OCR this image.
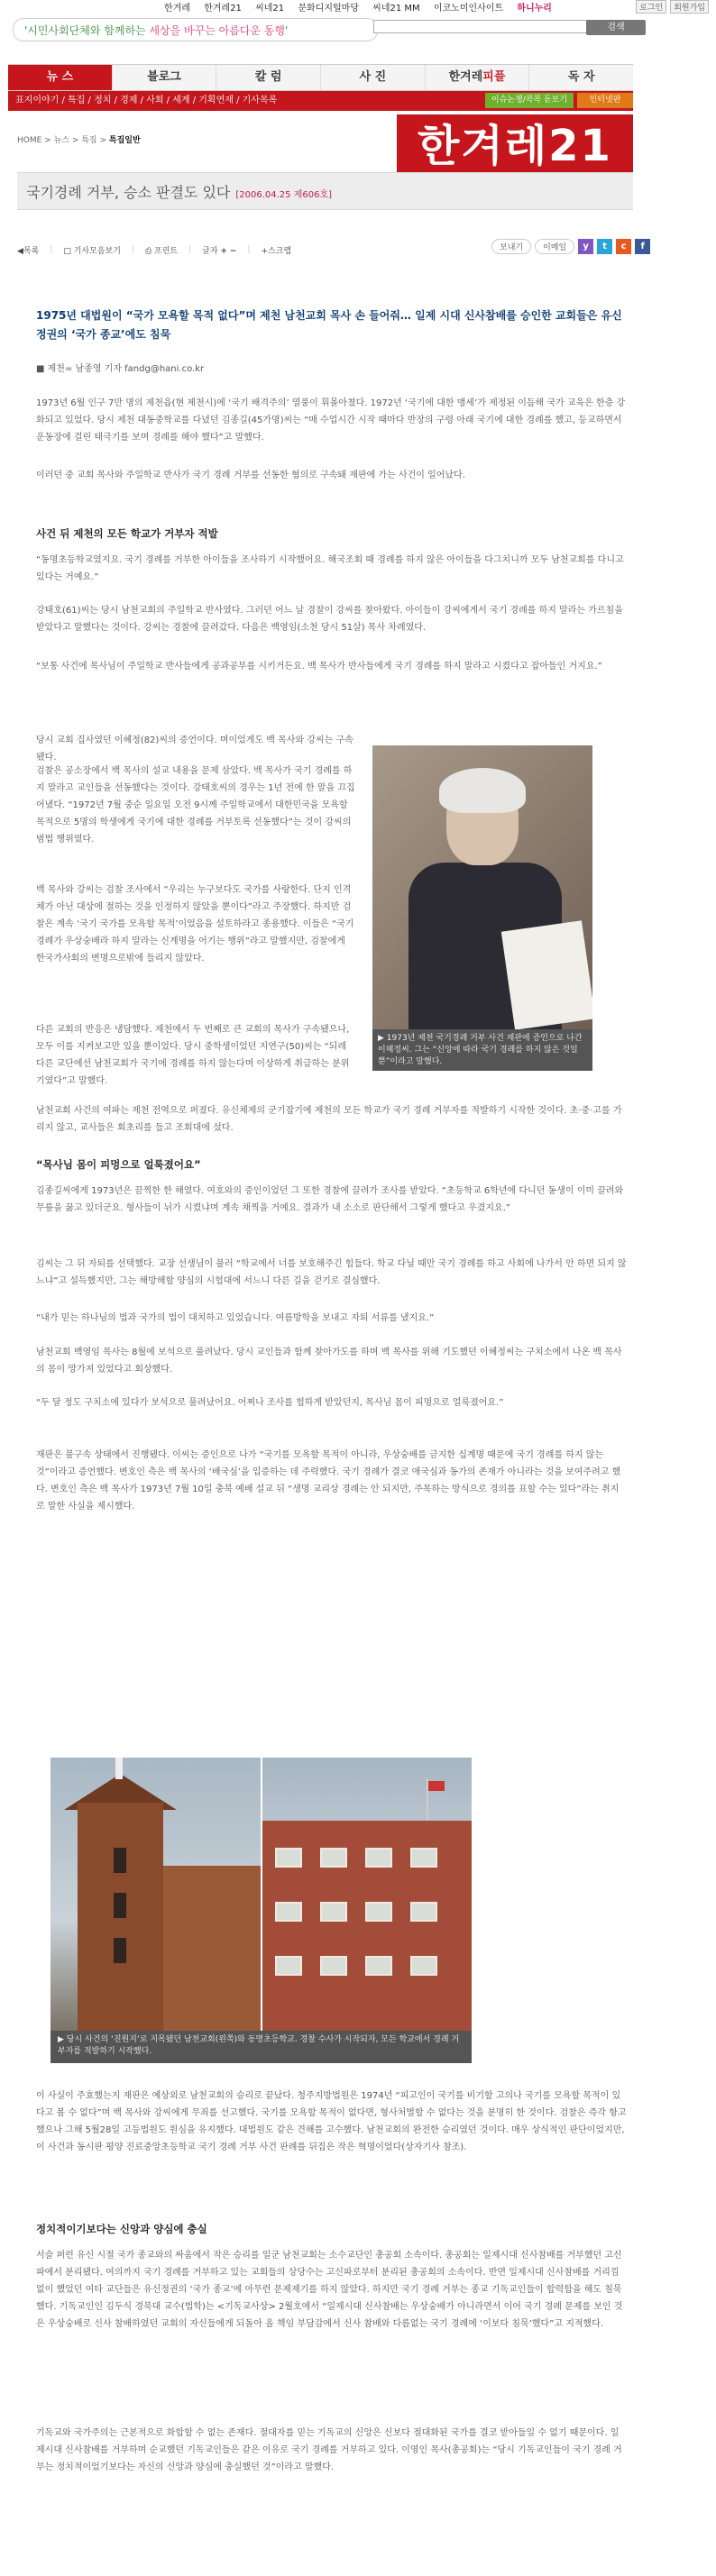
한겨레 한겨레21 씨네21 문화디지털마당 씨네21 MM 이코노미인사이트 하니누리	로그인	회원가입
'시민사회단체와 함께하는 세상을 바꾸는 아름다운 동행'	검색
뉴 스	블로그	칼 럼	사 진	한겨레피플	독 자
표지이야기 / 특집 / 정치 / 경제 / 사회 / 세계 / 기획연재 / 기사목록	이슈논쟁/콕콕 돋보기	인터넷판
HOME > 뉴스 > 특집 > 특집일반	한겨레21
국기경례 거부, 승소 판결도 있다 [2006.04.25 제606호]
◀목록 | □ 기사모음보기 | ⎙ 프린트 | 글자 + − | +스크랩	보내기	이메일	y	t	c	f
1975년 대법원이 “국가 모욕할 목적 없다”며 제천 남천교회 목사 손 들어줘… 일제 시대 신사참배를 승인한 교회들은 유신정권의 ‘국가 종교’에도 침묵
■ 제천= 남종영 기자 fandg@hani.co.kr
1973년 6월 인구 7만 명의 제천읍(현 제천시)에 ‘국기 배격주의’ 열풍이 휘몰아쳤다. 1972년 ‘국기에 대한 맹세’가 제정된 이듬해 국가 교육은 한층 강화되고 있었다. 당시 제천 대동중학교를 다녔던 김종길(45가명)씨는 “매 수업시간 시작 때마다 반장의 구령 아래 국기에 대한 경례를 했고, 등교하면서 운동장에 걸린 태극기를 보며 경례를 해야 했다”고 말했다.
이러던 중 교회 목사와 주일학교 반사가 국기 경례 거부를 선동한 혐의로 구속돼 재판에 가는 사건이 일어났다.
사건 뒤 제천의 모든 학교가 거부자 적발
“동명초등학교였지요. 국기 경례를 거부한 아이들을 조사하기 시작했어요. 해국조회 때 경례를 하지 않은 아이들을 다그치니까 모두 남천교회를 다니고 있다는 거예요.”
강태호(61)씨는 당시 남천교회의 주일학교 반사였다. 그러던 어느 날 경찰이 강씨를 찾아왔다. 아이들이 강씨에게서 국기 경례를 하지 말라는 가르침을 받았다고 말했다는 것이다. 강씨는 경찰에 끌려갔다. 다음은 백영임(소천 당시 51살) 목사 차례였다.
“보통 사건에 목사님이 주일학교 반사들에게 공과공부를 시키거든요. 백 목사가 반사들에게 국기 경례를 하지 말라고 시켰다고 잡아들인 거지요.”
당시 교회 집사였던 이혜정(82)씨의 증언이다. 며이었게도 백 목사와 강씨는 구속됐다.
검찰은 공소장에서 백 목사의 설교 내용을 문제 삼았다. 백 목사가 국기 경례를 하지 말라고 교인들을 선동했다는 것이다. 강태호씨의 경우는 1년 전에 한 말을 끄집어냈다. “1972년 7월 중순 일요일 오전 9시께 주일학교에서 대한민국을 모욕할 목적으로 5명의 학생에게 국기에 대한 경례를 거부토록 선동했다”는 것이 강씨의 범법 행위였다.
백 목사와 강씨는 검찰 조사에서 “우리는 누구보다도 국가를 사랑한다. 단지 인격체가 아닌 대상에 절하는 것을 인정하지 않았을 뿐이다”라고 주장했다. 하지만 검찰은 계속 ‘국기 국가를 모욕할 목적’이었음을 설토하라고 종용했다. 이들은 “국기 경례가 우상숭배라 하지 말라는 신계명을 어기는 행위”라고 말했지만, 검찰에게 한국가사회의 변명으로밖에 들리지 않았다.
▶ 1973년 제천 국기경례 거부 사건 재판에 증인으로 나간 이혜정씨. 그는 “신앙에 따라 국기 경례를 하지 않은 것일 뿐”이라고 말했다.
다른 교회의 반응은 냉담했다. 제천에서 두 번째로 큰 교회의 목사가 구속됐으나, 모두 이를 지켜보고만 있을 뿐이었다. 당시 중학생이었던 지연구(50)씨는 “되레 다른 교단에선 남천교회가 국기에 경례를 하지 않는다며 이상하게 취급하는 분위기였다”고 말했다.
남천교회 사건의 여파는 제천 전역으로 퍼졌다. 유신체제의 군기잡기에 제천의 모든 학교가 국기 경례 거부자를 적발하기 시작한 것이다. 초·중·고를 가리지 않고, 교사들은 회초리를 들고 조회대에 섰다.
“목사님 몸이 피멍으로 얼룩졌어요”
김종길씨에게 1973년은 끔찍한 한 해였다. 여호와의 증인이었던 그 또한 경찰에 끌려가 조사를 받았다. “초등학교 6학년에 다니던 동생이 이미 끌려와 무릎을 꿇고 있더군요. 형사들이 뉘가 시켰냐며 계속 채찍을 거예요. 결과가 내 소소로 판단해서 그렇게 했다고 우겼지요.”
김씨는 그 뒤 자퇴를 선택했다. 교장 선생님이 불러 “학교에서 너를 보호해주긴 힘들다. 학교 다닐 때만 국기 경례를 하고 사회에 나가서 안 하면 되지 않느냐”고 설득했지만, 그는 해방해할 양심의 시험대에 서느니 다른 길을 걷기로 결심했다.
“내가 믿는 하나님의 법과 국가의 법이 대치하고 있었습니다. 여름방학을 보내고 자퇴 서류를 냈지요.”
남천교회 백영임 목사는 8월에 보석으로 풀려났다. 당시 교인들과 함께 찾아가도를 하며 백 목사를 위해 기도했던 이혜정씨는 구치소에서 나온 백 목사의 몸이 망가져 있었다고 회상했다.
“두 달 정도 구치소에 있다가 보석으로 풀려났어요. 어찌나 조사를 험하게 받았던지, 목사님 몸이 피멍으로 얼룩졌어요.”
재판은 불구속 상태에서 진행됐다. 이씨는 증인으로 나가 “국기를 모욕할 목적이 아니라, 우상숭배를 금지한 십계명 때문에 국기 경례를 하지 않는 것”이라고 증언했다. 변호인 측은 백 목사의 ‘배국심’을 입증하는 데 주력했다. 국기 경례가 결코 애국심과 동가의 존재가 아니라는 것을 보여주려고 했다. 변호인 측은 백 목사가 1973년 7월 10일 충북 예배 설교 뒤 “생명 교리상 경례는 안 되지만, 주목하는 방식으로 경의를 표할 수는 있다”라는 취지로 말한 사실을 제시했다.
▶ 당시 사건의 ‘진원지’로 지목됐던 남천교회(왼쪽)와 동명초등학교. 경찰 수사가 시작되자, 모든 학교에서 경례 거부자를 적발하기 시작했다.
이 사실이 주효했는지 재판은 예상외로 남천교회의 승리로 끝났다. 청주지방법원은 1974년 “피고인이 국기를 비기할 고의나 국기를 모욕할 목적이 있다고 볼 수 없다”며 백 목사와 강씨에게 무죄를 선고했다. 국기를 모욕할 목적이 없다면, 형사처벌할 수 없다는 것을 분명히 한 것이다. 검찰은 즉각 항고했으나 그해 5월28일 고등법원도 원심을 유지했다. 대법원도 같은 견해를 고수했다. 남천교회의 완전한 승리였던 것이다. 매우 상식적인 판단이었지만, 이 사건과 동시판 평양 진료중앙초등학교 국기 경례 거부 사건 판례를 뒤집은 작은 혁명이었다(상자기사 참조).
정치적이기보다는 신앙과 양심에 충실
서슬 퍼런 유신 시절 국가 종교와의 싸움에서 작은 승리를 일군 남천교회는 소수교단인 총공회 소속이다. 총공회는 일제시대 신사참배를 거부했던 고신파에서 분리됐다. 여의까지 국기 경례를 거부하고 있는 교회들의 상당수는 고신파로부터 분리된 총공회의 소속이다. 반면 일제시대 신사참배를 거리낌 없이 했었던 여타 교단들은 유신정권의 ‘국가 종교’에 아무런 문제제기를 하지 않았다. 하지만 국기 경례 거부는 종교 기독교인들이 합력함을 해도 침묵했다. 기독교인인 김두식 경북대 교수(법학)는 <기독교사상> 2월호에서 “일제시대 신사참배는 우상숭배가 아니라면서 이어 국기 경례 문제를 보인 것은 우상숭배로 신사 참배하였던 교회의 자신들에게 되돌아 올 책임 부담감에서 신사 참배와 다름없는 국기 경례에 ‘이보다 침묵’했다”고 지적했다.
기독교와 국가주의는 근본적으로 화합할 수 없는 존재다. 절대자를 믿는 기독교의 신앙은 신보다 절대화된 국가를 결코 받아들일 수 없기 때문이다. 일제시대 신사참배를 거부하며 순교했던 기독교인들은 같은 이유로 국기 경례를 거부하고 있다. 이영인 목사(총공회)는 “당시 기독교인들이 국기 경례 거부는 정치적이었기보다는 자신의 신앙과 양심에 충실했던 것”이라고 말했다.
